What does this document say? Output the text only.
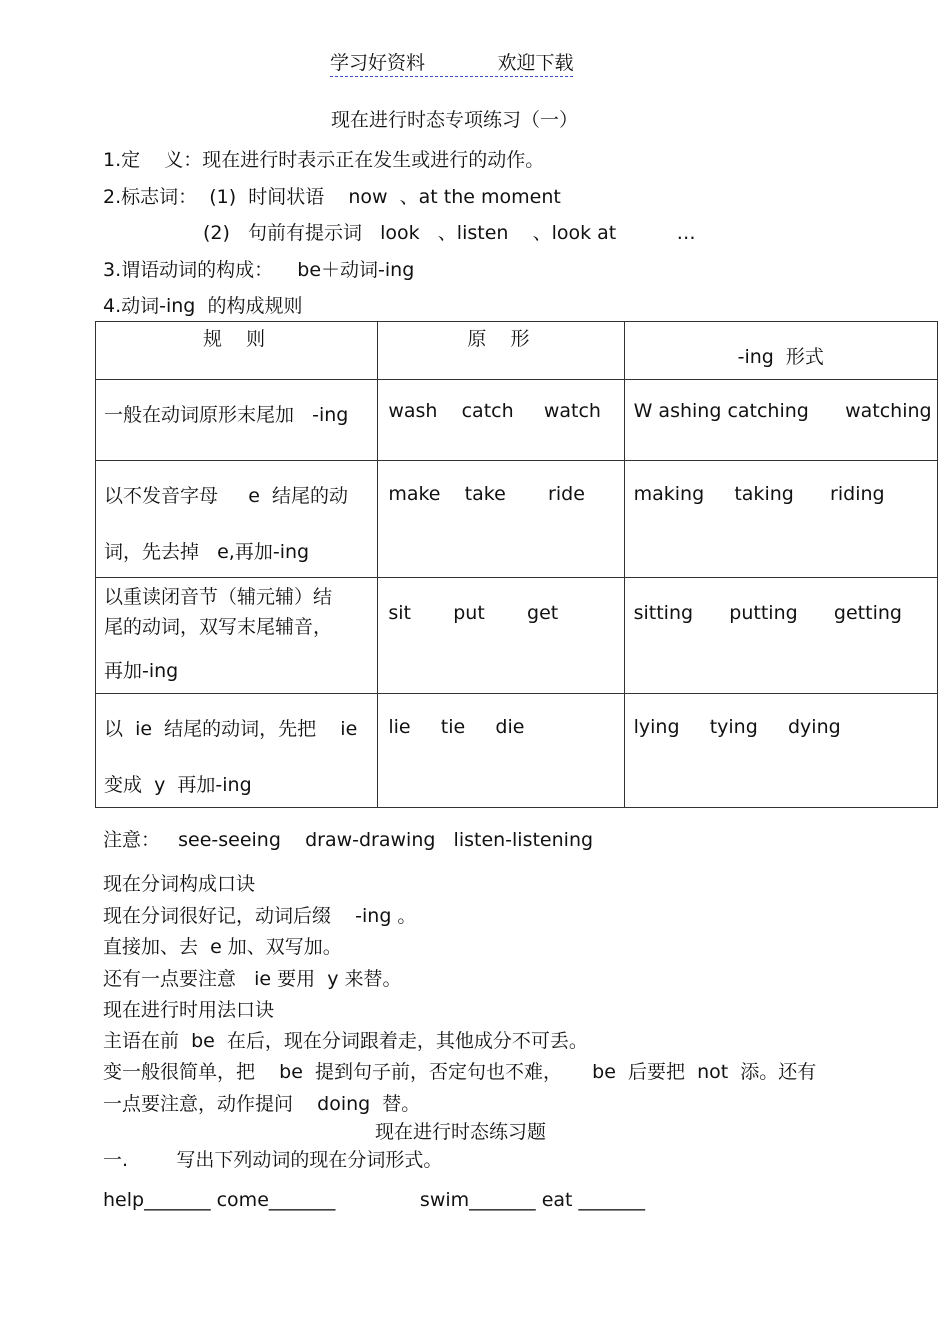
学习好资料            欢迎下载
现在进行时态专项练习（一）
1.定    义：现在进行时表示正在发生或进行的动作。
2.标志词：  (1)  时间状语    now  、at the moment
(2)   句前有提示词   look   、listen    、look at          …
3.谓语动词的构成：    be＋动词-ing
4.动词-ing  的构成规则
规    则	原    形	-ing  形式

一般在动词原形末尾加   -ing	wash    catch     watch	W ashing catching      watching

以不发音字母     e  结尾的动
词，先去掉   e,再加-ing	make    take       ride	making     taking      riding

以重读闭音节（辅元辅）结
尾的动词，双写末尾辅音，
再加-ing	sit       put       get	sitting      putting      getting

以  ie  结尾的动词，先把    ie
变成  y  再加-ing	lie     tie     die	lying     tying     dying
注意：   see-seeing    draw-drawing   listen-listening
现在分词构成口诀
现在分词很好记，动词后缀    -ing 。
直接加、去  e 加、双写加。
还有一点要注意   ie 要用  y 来替。
现在进行时用法口诀
主语在前  be  在后，现在分词跟着走，其他成分不可丢。
变一般很简单，把    be  提到句子前，否定句也不难，     be  后要把  not  添。还有
一点要注意，动作提问    doing  替。
现在进行时态练习题
一.        写出下列动词的现在分词形式。
help_______ come_______              swim_______ eat _______
